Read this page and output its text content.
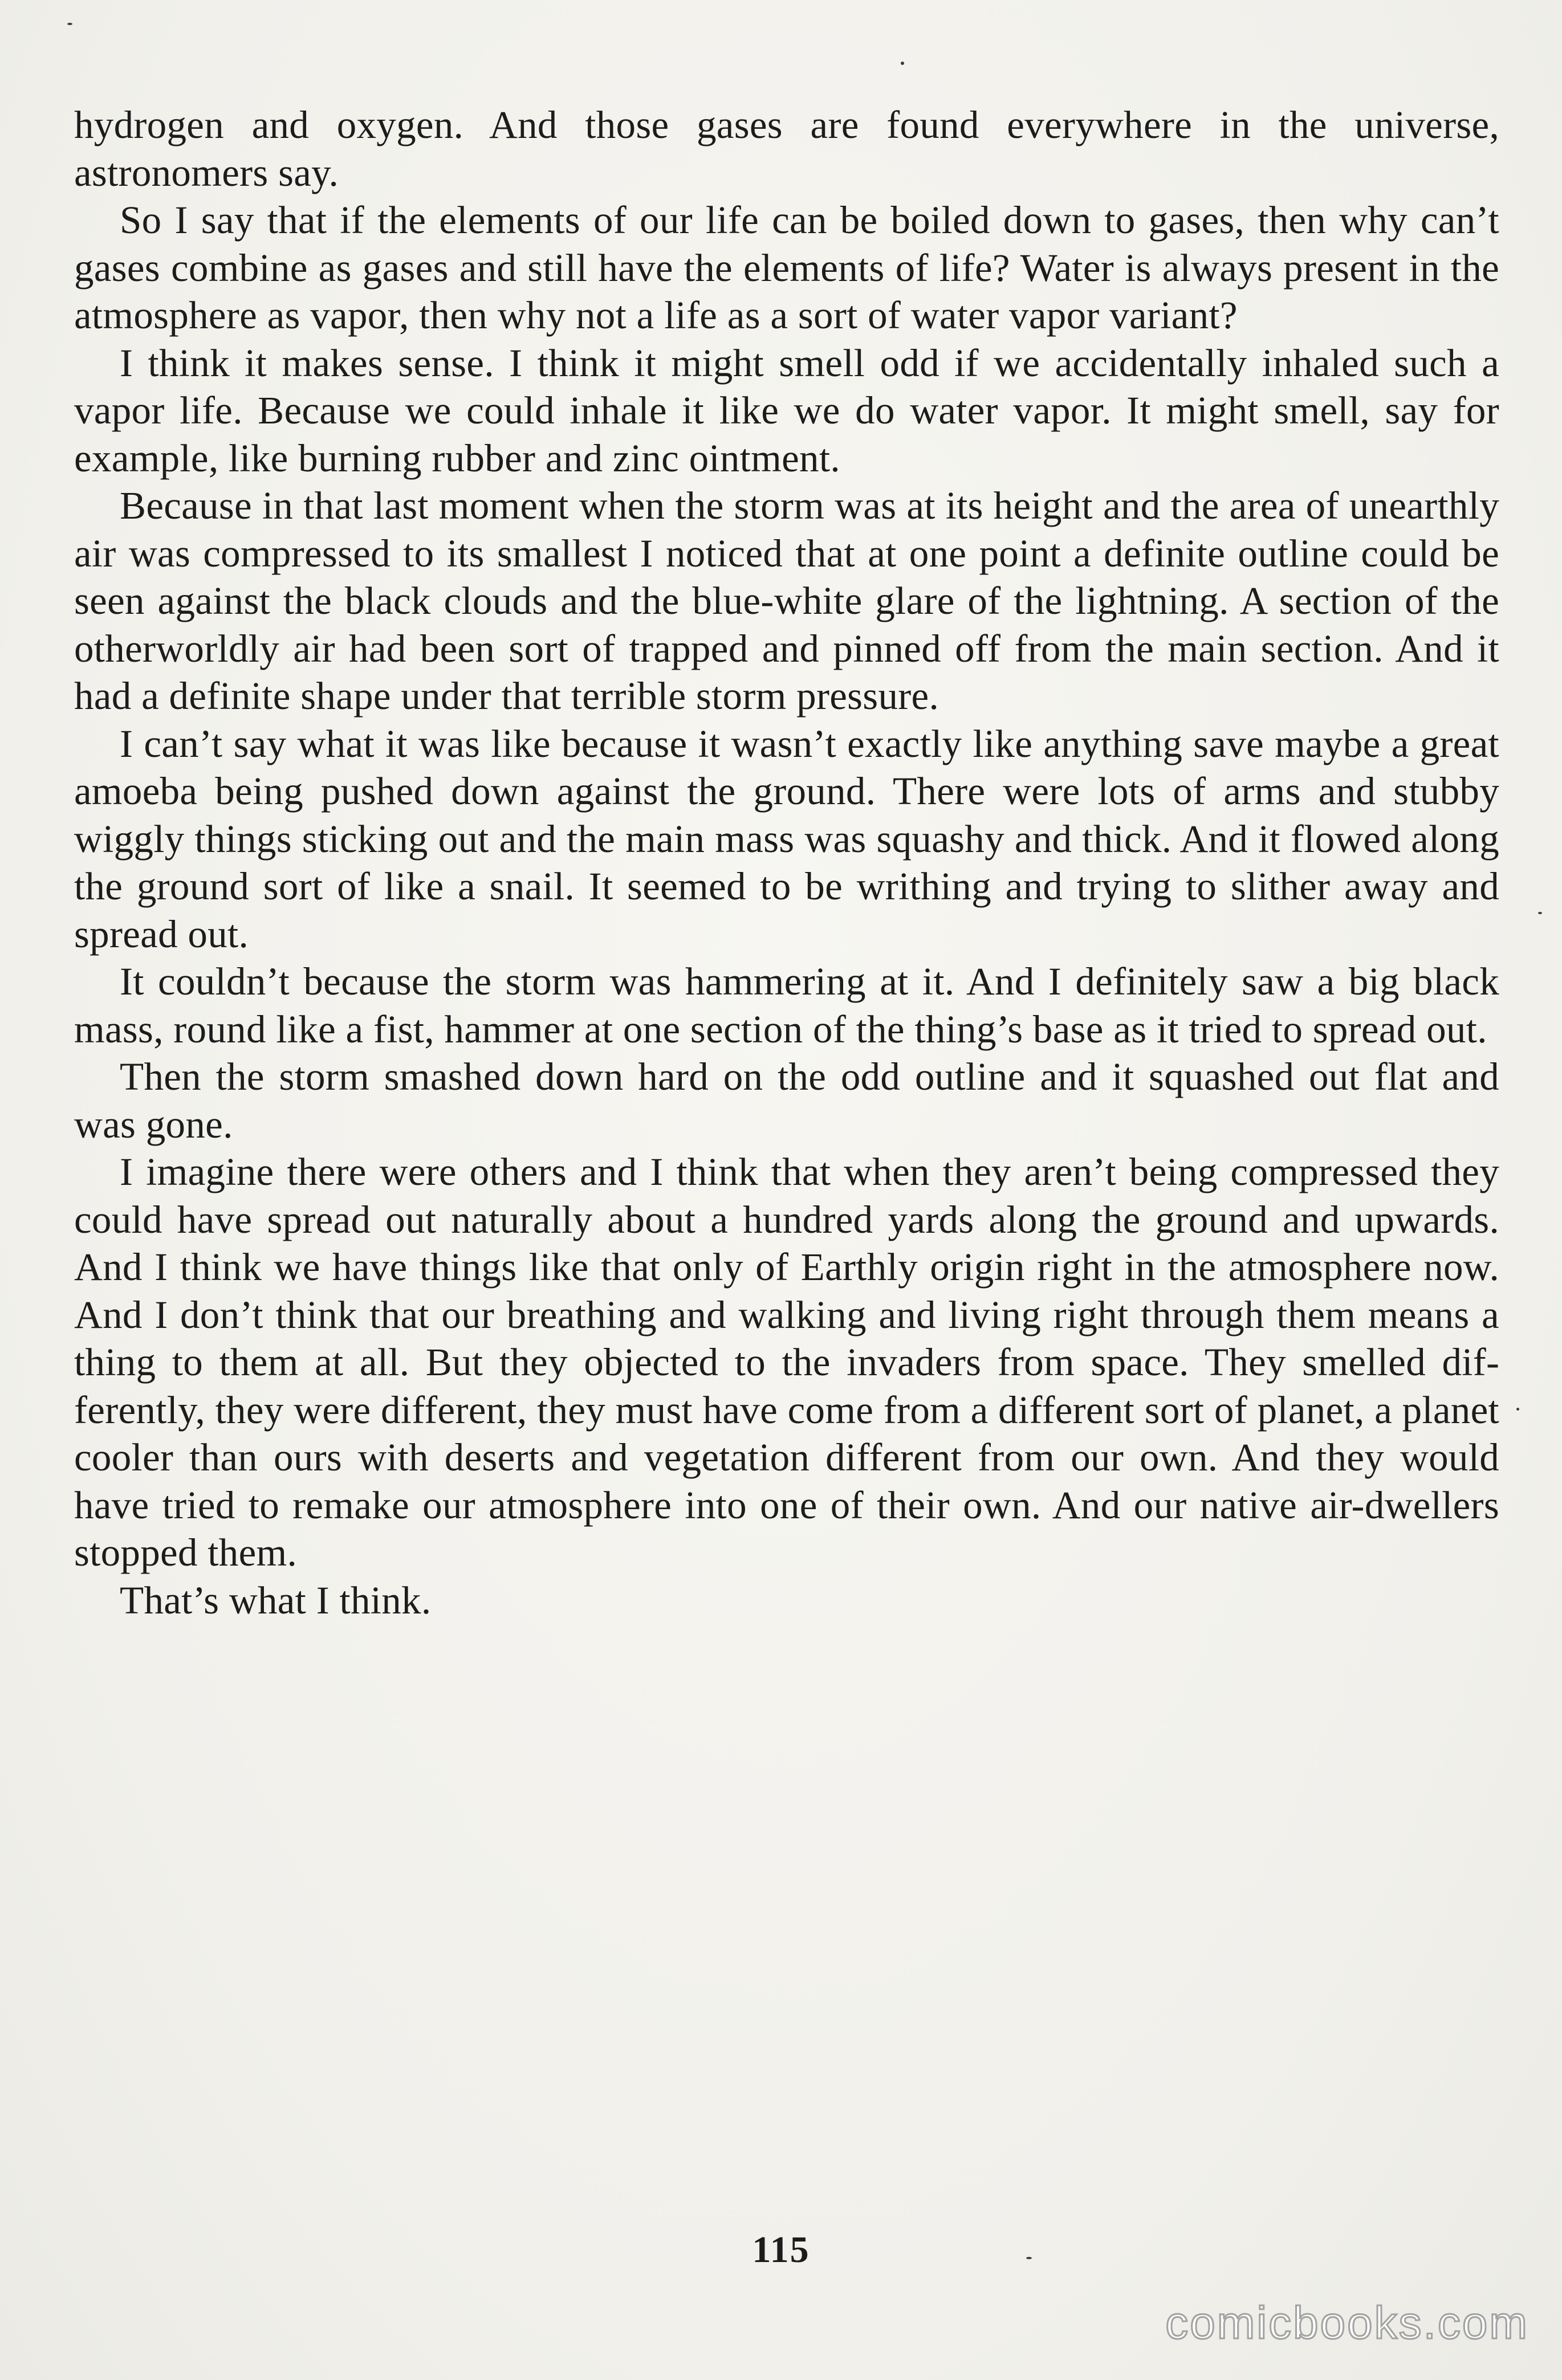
hydrogen and oxygen. And those gases are found everywhere in the universe, astronomers say.

So I say that if the elements of our life can be boiled down to gases, then why can’t gases combine as gases and still have the elements of life? Water is always present in the atmosphere as vapor, then why not a life as a sort of water vapor variant?

I think it makes sense. I think it might smell odd if we accidentally inhaled such a vapor life. Because we could inhale it like we do water vapor. It might smell, say for example, like burning rubber and zinc ointment.

Because in that last moment when the storm was at its height and the area of unearthly air was compressed to its smallest I noticed that at one point a definite outline could be seen against the black clouds and the blue-white glare of the lightning. A section of the otherworldly air had been sort of trapped and pinned off from the main section. And it had a definite shape under that terrible storm pressure.

I can’t say what it was like because it wasn’t exactly like anything save maybe a great amoeba being pushed down against the ground. There were lots of arms and stubby wiggly things sticking out and the main mass was squashy and thick. And it flowed along the ground sort of like a snail. It seemed to be writhing and trying to slither away and spread out.

It couldn’t because the storm was hammering at it. And I definitely saw a big black mass, round like a fist, hammer at one section of the thing’s base as it tried to spread out.

Then the storm smashed down hard on the odd outline and it squashed out flat and was gone.

I imagine there were others and I think that when they aren’t being compressed they could have spread out naturally about a hundred yards along the ground and upwards. And I think we have things like that only of Earthly origin right in the atmosphere now. And I don’t think that our breathing and walking and living right through them means a thing to them at all. But they objected to the invaders from space. They smelled differently, they were different, they must have come from a different sort of planet, a planet cooler than ours with deserts and vegetation different from our own. And they would have tried to remake our atmosphere into one of their own. And our native air-dwellers stopped them.

That’s what I think.

115
comicbooks.com
